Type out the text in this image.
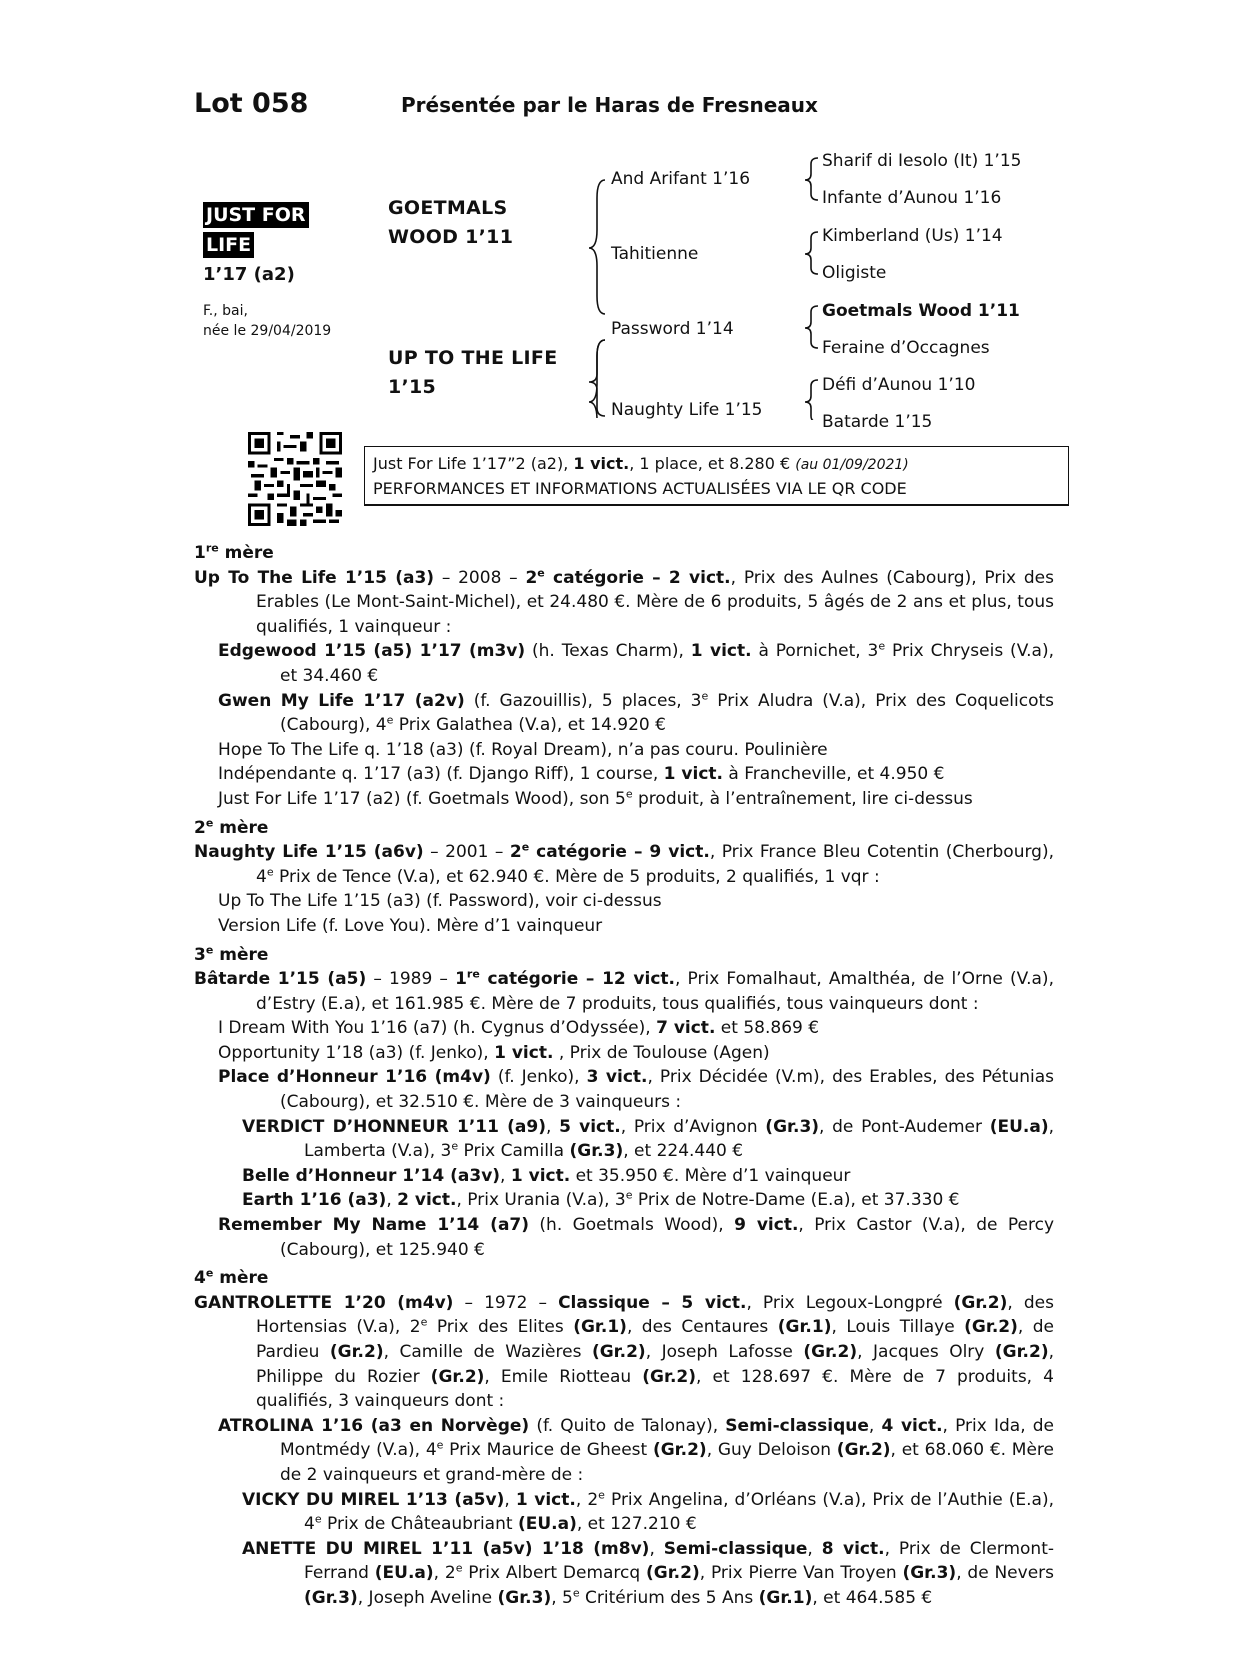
Lot 058	Présentée par le Haras de Fresneaux
JUST FOR
LIFE
1’17 (a2)
F., bai,
née le 29/04/2019
GOETMALS
WOOD 1’11
UP TO THE LIFE
1’15
And Arifant 1’16
Tahitienne
Password 1’14
Naughty Life 1’15
Sharif di Iesolo (It) 1’15
Infante d’Aunou 1’16
Kimberland (Us) 1’14
Oligiste
Goetmals Wood 1’11
Feraine d’Occagnes
Défi d’Aunou 1’10
Batarde 1’15
Just For Life 1’17”2 (a2), 1 vict., 1 place, et 8.280 € (au 01/09/2021)
PERFORMANCES ET INFORMATIONS ACTUALISÉES VIA LE QR CODE
1re mère
Up To The Life 1’15 (a3) – 2008 – 2e catégorie – 2 vict., Prix des Aulnes (Cabourg), Prix des Erables (Le Mont-Saint-Michel), et 24.480 €. Mère de 6 produits, 5 âgés de 2 ans et plus, tous qualifiés, 1 vainqueur :
Edgewood 1’15 (a5) 1’17 (m3v) (h. Texas Charm), 1 vict. à Pornichet, 3e Prix Chryseis (V.a), et 34.460 €
Gwen My Life 1’17 (a2v) (f. Gazouillis), 5 places, 3e Prix Aludra (V.a), Prix des Coquelicots (Cabourg), 4e Prix Galathea (V.a), et 14.920 €
Hope To The Life q. 1’18 (a3) (f. Royal Dream), n’a pas couru. Poulinière
Indépendante q. 1’17 (a3) (f. Django Riff), 1 course, 1 vict. à Francheville, et 4.950 €
Just For Life 1’17 (a2) (f. Goetmals Wood), son 5e produit, à l’entraînement, lire ci-dessus
2e mère
Naughty Life 1’15 (a6v) – 2001 – 2e catégorie – 9 vict., Prix France Bleu Cotentin (Cherbourg), 4e Prix de Tence (V.a), et 62.940 €. Mère de 5 produits, 2 qualifiés, 1 vqr :
Up To The Life 1’15 (a3) (f. Password), voir ci-dessus
Version Life (f. Love You). Mère d’1 vainqueur
3e mère
Bâtarde 1’15 (a5) – 1989 – 1re catégorie – 12 vict., Prix Fomalhaut, Amalthéa, de l’Orne (V.a), d’Estry (E.a), et 161.985 €. Mère de 7 produits, tous qualifiés, tous vainqueurs dont :
I Dream With You 1’16 (a7) (h. Cygnus d’Odyssée), 7 vict. et 58.869 €
Opportunity 1’18 (a3) (f. Jenko), 1 vict. , Prix de Toulouse (Agen)
Place d’Honneur 1’16 (m4v) (f. Jenko), 3 vict., Prix Décidée (V.m), des Erables, des Pétunias (Cabourg), et 32.510 €. Mère de 3 vainqueurs :
VERDICT D’HONNEUR 1’11 (a9), 5 vict., Prix d’Avignon (Gr.3), de Pont-Audemer (EU.a), Lamberta (V.a), 3e Prix Camilla (Gr.3), et 224.440 €
Belle d’Honneur 1’14 (a3v), 1 vict. et 35.950 €. Mère d’1 vainqueur
Earth 1’16 (a3), 2 vict., Prix Urania (V.a), 3e Prix de Notre-Dame (E.a), et 37.330 €
Remember My Name 1’14 (a7) (h. Goetmals Wood), 9 vict., Prix Castor (V.a), de Percy (Cabourg), et 125.940 €
4e mère
GANTROLETTE 1’20 (m4v) – 1972 – Classique – 5 vict., Prix Legoux-Longpré (Gr.2), des Hortensias (V.a), 2e Prix des Elites (Gr.1), des Centaures (Gr.1), Louis Tillaye (Gr.2), de Pardieu (Gr.2), Camille de Wazières (Gr.2), Joseph Lafosse (Gr.2), Jacques Olry (Gr.2), Philippe du Rozier (Gr.2), Emile Riotteau (Gr.2), et 128.697 €. Mère de 7 produits, 4 qualifiés, 3 vainqueurs dont :
ATROLINA 1’16 (a3 en Norvège) (f. Quito de Talonay), Semi-classique, 4 vict., Prix Ida, de Montmédy (V.a), 4e Prix Maurice de Gheest (Gr.2), Guy Deloison (Gr.2), et 68.060 €. Mère de 2 vainqueurs et grand-mère de :
VICKY DU MIREL 1’13 (a5v), 1 vict., 2e Prix Angelina, d’Orléans (V.a), Prix de l’Authie (E.a), 4e Prix de Châteaubriant (EU.a), et 127.210 €
ANETTE DU MIREL 1’11 (a5v) 1’18 (m8v), Semi-classique, 8 vict., Prix de Clermont-Ferrand (EU.a), 2e Prix Albert Demarcq (Gr.2), Prix Pierre Van Troyen (Gr.3), de Nevers (Gr.3), Joseph Aveline (Gr.3), 5e Critérium des 5 Ans (Gr.1), et 464.585 €
